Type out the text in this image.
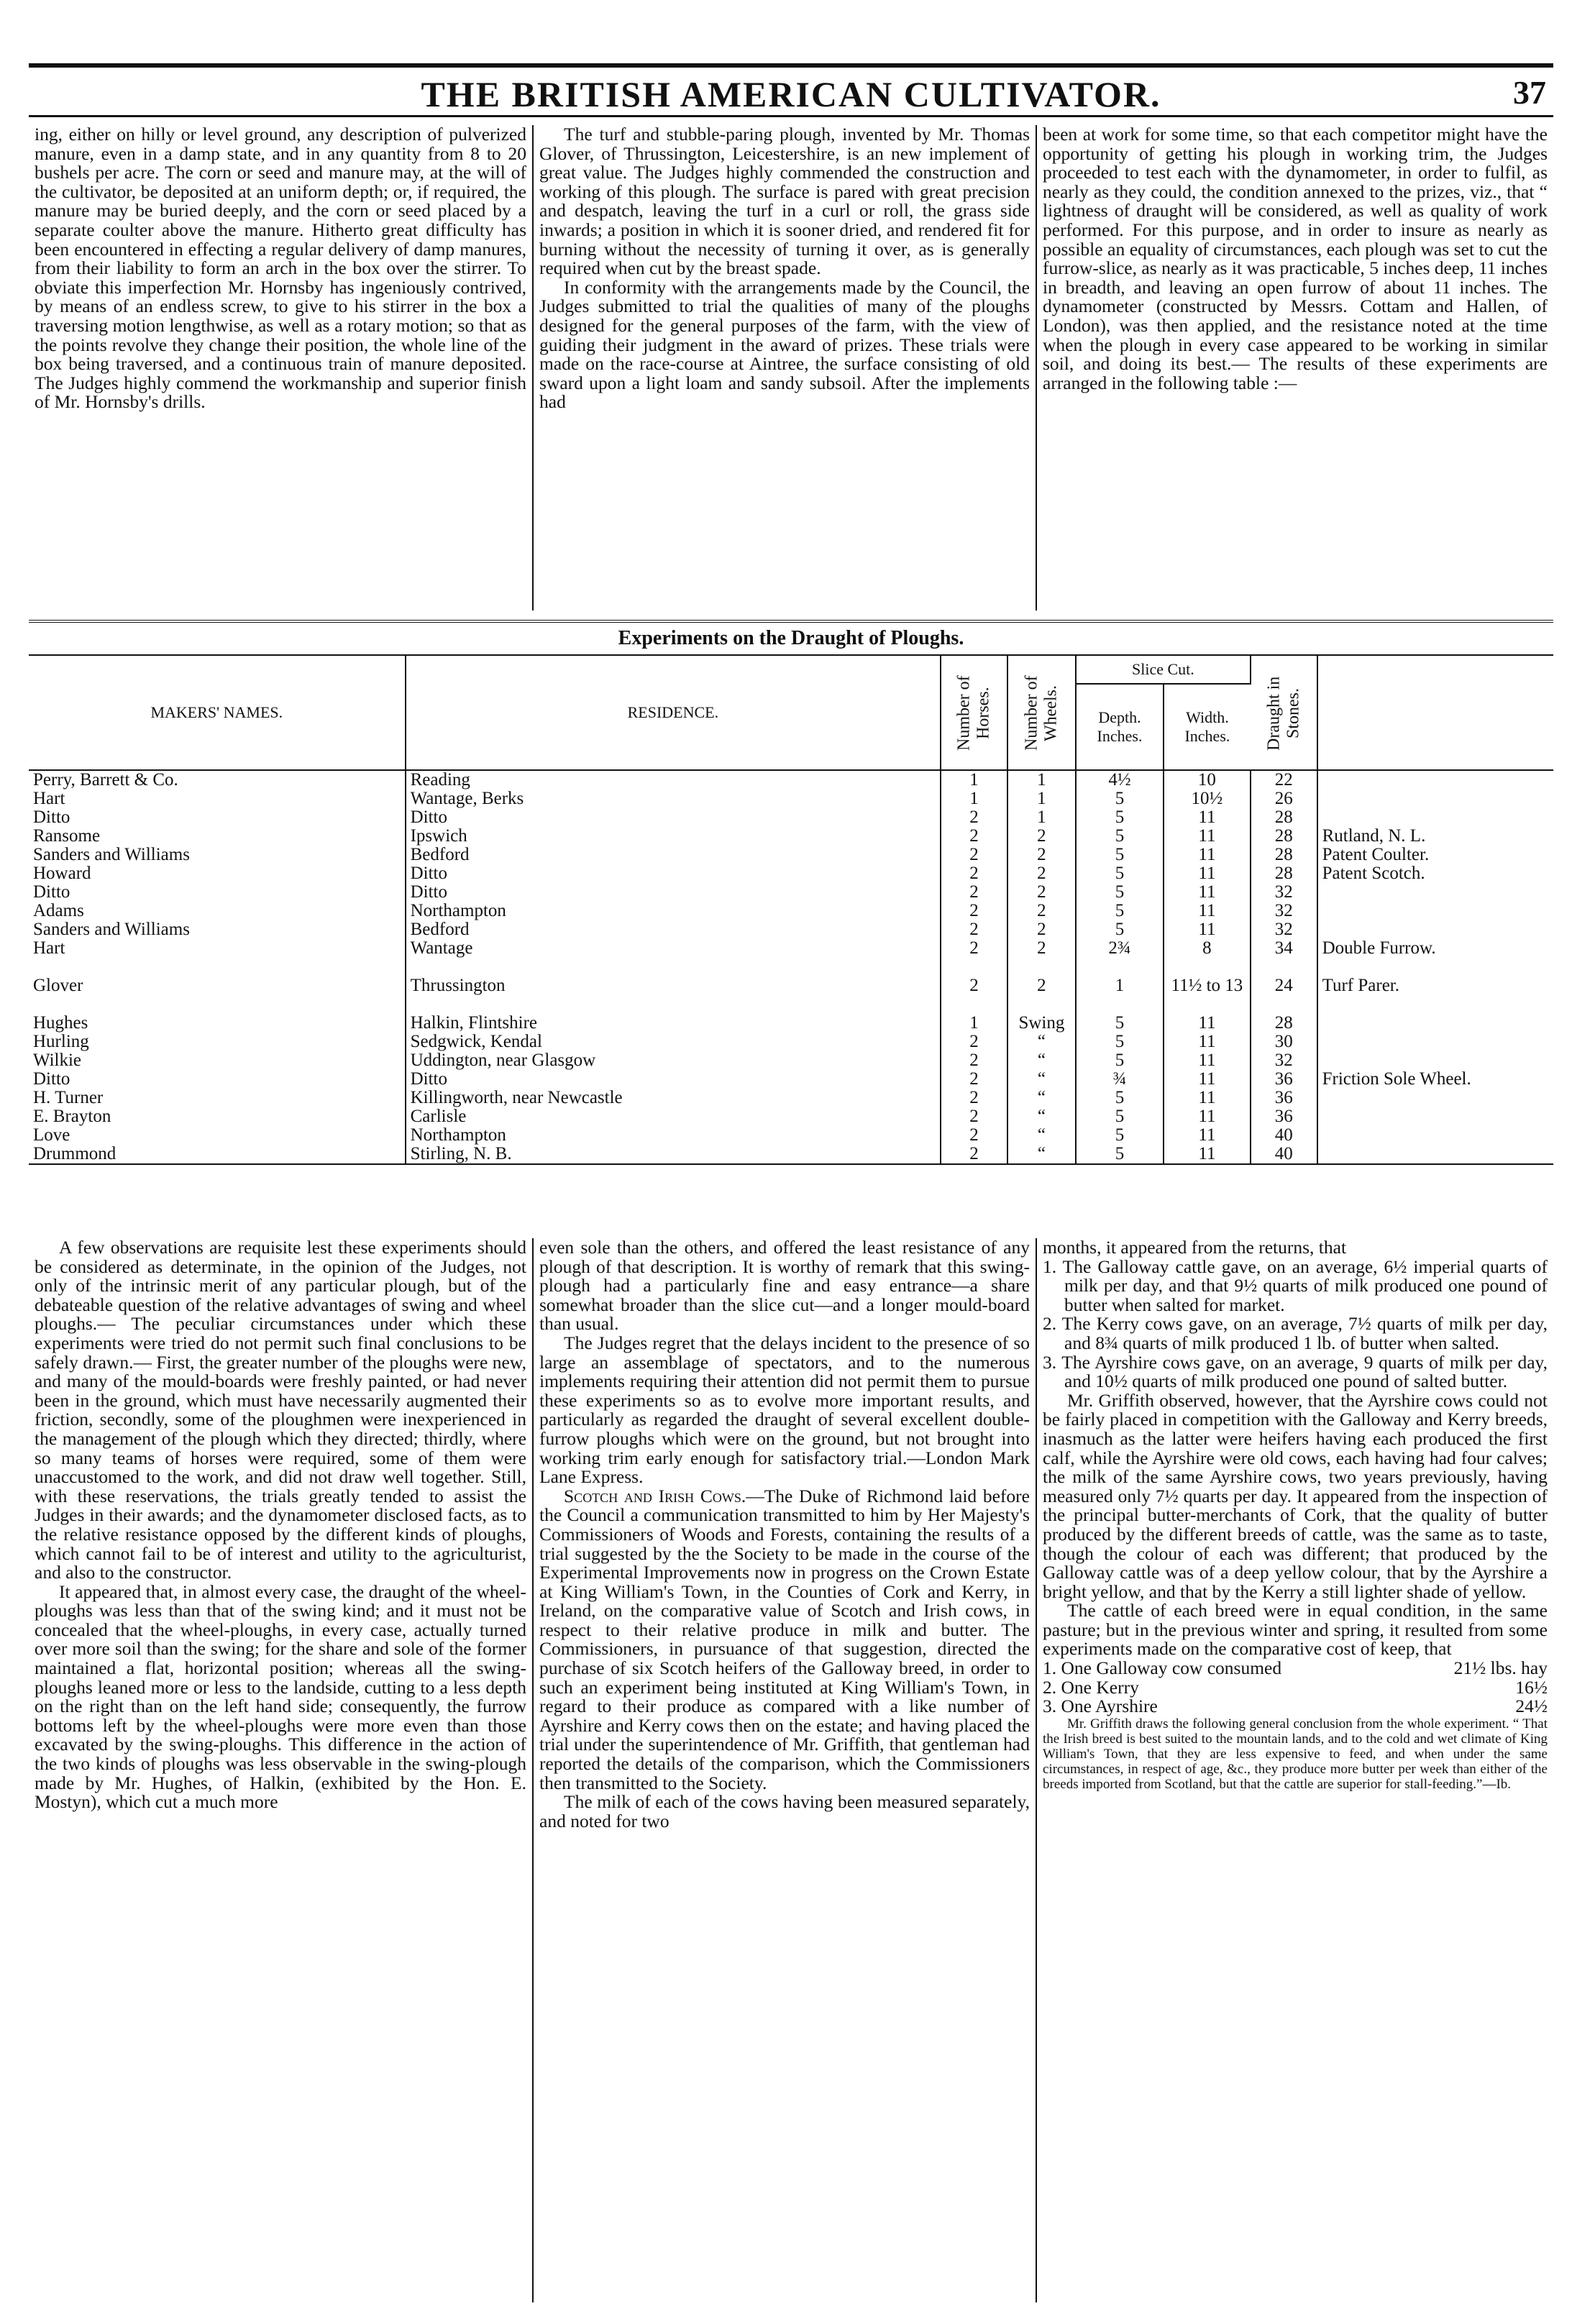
THE BRITISH AMERICAN CULTIVATOR.	37

ing, either on hilly or level ground, any description of pulverized manure, even in a damp state, and in any quantity from 8 to 20 bushels per acre. The corn or seed and manure may, at the will of the cultivator, be deposited at an uniform depth; or, if required, the manure may be buried deeply, and the corn or seed placed by a separate coulter above the manure. Hitherto great difficulty has been encountered in effecting a regular delivery of damp manures, from their liability to form an arch in the box over the stirrer. To obviate this imperfection Mr. Hornsby has ingeniously contrived, by means of an endless screw, to give to his stirrer in the box a traversing motion lengthwise, as well as a rotary motion; so that as the points revolve they change their position, the whole line of the box being traversed, and a continuous train of manure deposited. The Judges highly commend the workmanship and superior finish of Mr. Hornsby's drills.

The turf and stubble-paring plough, invented by Mr. Thomas Glover, of Thrussington, Leicestershire, is an new implement of great value. The Judges highly commended the construction and working of this plough. The surface is pared with great precision and despatch, leaving the turf in a curl or roll, the grass side inwards; a position in which it is sooner dried, and rendered fit for burning without the necessity of turning it over, as is generally required when cut by the breast spade.

In conformity with the arrangements made by the Council, the Judges submitted to trial the qualities of many of the ploughs designed for the general purposes of the farm, with the view of guiding their judgment in the award of prizes. These trials were made on the race-course at Aintree, the surface consisting of old sward upon a light loam and sandy subsoil. After the implements had

been at work for some time, so that each competitor might have the opportunity of getting his plough in working trim, the Judges proceeded to test each with the dynamometer, in order to fulfil, as nearly as they could, the condition annexed to the prizes, viz., that “ lightness of draught will be considered, as well as quality of work performed. For this purpose, and in order to insure as nearly as possible an equality of circumstances, each plough was set to cut the furrow-slice, as nearly as it was practicable, 5 inches deep, 11 inches in breadth, and leaving an open furrow of about 11 inches. The dynamometer (constructed by Messrs. Cottam and Hallen, of London), was then applied, and the resistance noted at the time when the plough in every case appeared to be working in similar soil, and doing its best.— The results of these experiments are arranged in the following table :—

Experiments on the Draught of Ploughs.
MAKERS' NAMES.	RESIDENCE.	Number of Horses.	Number of Wheels.	Slice Cut.		Draught in Stones.	
				Depth. Inches.	Width. Inches.		
Perry, Barrett & Co.	Reading	1	1	4½	10	22	
Hart	Wantage, Berks	1	1	5	10½	26	
Ditto	Ditto	2	1	5	11	28	
Ransome	Ipswich	2	2	5	11	28	Rutland, N. L.
Sanders and Williams	Bedford	2	2	5	11	28	Patent Coulter.
Howard	Ditto	2	2	5	11	28	Patent Scotch.
Ditto	Ditto	2	2	5	11	32	
Adams	Northampton	2	2	5	11	32	
Sanders and Williams	Bedford	2	2	5	11	32	
Hart	Wantage	2	2	2¾	8	34	Double Furrow.
Glover	Thrussington	2	2	1	11½ to 13	24	Turf Parer.
Hughes	Halkin, Flintshire	1	Swing	5	11	28	
Hurling	Sedgwick, Kendal	2	“	5	11	30	
Wilkie	Uddington, near Glasgow	2	“	5	11	32	
Ditto	Ditto	2	“	¾	11	36	Friction Sole Wheel.
H. Turner	Killingworth, near Newcastle	2	“	5	11	36	
E. Brayton	Carlisle	2	“	5	11	36	
Love	Northampton	2	“	5	11	40	
Drummond	Stirling, N. B.	2	“	5	11	40	

A few observations are requisite lest these experiments should be considered as determinate, in the opinion of the Judges, not only of the intrinsic merit of any particular plough, but of the debateable question of the relative advantages of swing and wheel ploughs.— The peculiar circumstances under which these experiments were tried do not permit such final conclusions to be safely drawn.— First, the greater number of the ploughs were new, and many of the mould-boards were freshly painted, or had never been in the ground, which must have necessarily augmented their friction, secondly, some of the ploughmen were inexperienced in the management of the plough which they directed; thirdly, where so many teams of horses were required, some of them were unaccustomed to the work, and did not draw well together. Still, with these reservations, the trials greatly tended to assist the Judges in their awards; and the dynamometer disclosed facts, as to the relative resistance opposed by the different kinds of ploughs, which cannot fail to be of interest and utility to the agriculturist, and also to the constructor.

It appeared that, in almost every case, the draught of the wheel-ploughs was less than that of the swing kind; and it must not be concealed that the wheel-ploughs, in every case, actually turned over more soil than the swing; for the share and sole of the former maintained a flat, horizontal position; whereas all the swing-ploughs leaned more or less to the landside, cutting to a less depth on the right than on the left hand side; consequently, the furrow bottoms left by the wheel-ploughs were more even than those excavated by the swing-ploughs. This difference in the action of the two kinds of ploughs was less observable in the swing-plough made by Mr. Hughes, of Halkin, (exhibited by the Hon. E. Mostyn), which cut a much more

even sole than the others, and offered the least resistance of any plough of that description. It is worthy of remark that this swing-plough had a particularly fine and easy entrance—a share somewhat broader than the slice cut—and a longer mould-board than usual.

The Judges regret that the delays incident to the presence of so large an assemblage of spectators, and to the numerous implements requiring their attention did not permit them to pursue these experiments so as to evolve more important results, and particularly as regarded the draught of several excellent double-furrow ploughs which were on the ground, but not brought into working trim early enough for satisfactory trial.—London Mark Lane Express.

Scotch and Irish Cows.—The Duke of Richmond laid before the Council a communication transmitted to him by Her Majesty's Commissioners of Woods and Forests, containing the results of a trial suggested by the the Society to be made in the course of the Experimental Improvements now in progress on the Crown Estate at King William's Town, in the Counties of Cork and Kerry, in Ireland, on the comparative value of Scotch and Irish cows, in respect to their relative produce in milk and butter. The Commissioners, in pursuance of that suggestion, directed the purchase of six Scotch heifers of the Galloway breed, in order to such an experiment being instituted at King William's Town, in regard to their produce as compared with a like number of Ayrshire and Kerry cows then on the estate; and having placed the trial under the superintendence of Mr. Griffith, that gentleman had reported the details of the comparison, which the Commissioners then transmitted to the Society.

The milk of each of the cows having been measured separately, and noted for two

months, it appeared from the returns, that

1. The Galloway cattle gave, on an average, 6½ imperial quarts of milk per day, and that 9½ quarts of milk produced one pound of butter when salted for market.

2. The Kerry cows gave, on an average, 7½ quarts of milk per day, and 8¾ quarts of milk produced 1 lb. of butter when salted.

3. The Ayrshire cows gave, on an average, 9 quarts of milk per day, and 10½ quarts of milk produced one pound of salted butter.

Mr. Griffith observed, however, that the Ayrshire cows could not be fairly placed in competition with the Galloway and Kerry breeds, inasmuch as the latter were heifers having each produced the first calf, while the Ayrshire were old cows, each having had four calves; the milk of the same Ayrshire cows, two years previously, having measured only 7½ quarts per day. It appeared from the inspection of the principal butter-merchants of Cork, that the quality of butter produced by the different breeds of cattle, was the same as to taste, though the colour of each was different; that produced by the Galloway cattle was of a deep yellow colour, that by the Ayrshire a bright yellow, and that by the Kerry a still lighter shade of yellow.

The cattle of each breed were in equal condition, in the same pasture; but in the previous winter and spring, it resulted from some experiments made on the comparative cost of keep, that

1. One Galloway cow consumed	21½ lbs. hay
2. One Kerry	16½
3. One Ayrshire	24½

Mr. Griffith draws the following general conclusion from the whole experiment. “ That the Irish breed is best suited to the mountain lands, and to the cold and wet climate of King William's Town, that they are less expensive to feed, and when under the same circumstances, in respect of age, &c., they produce more butter per week than either of the breeds imported from Scotland, but that the cattle are superior for stall-feeding.”—Ib.
